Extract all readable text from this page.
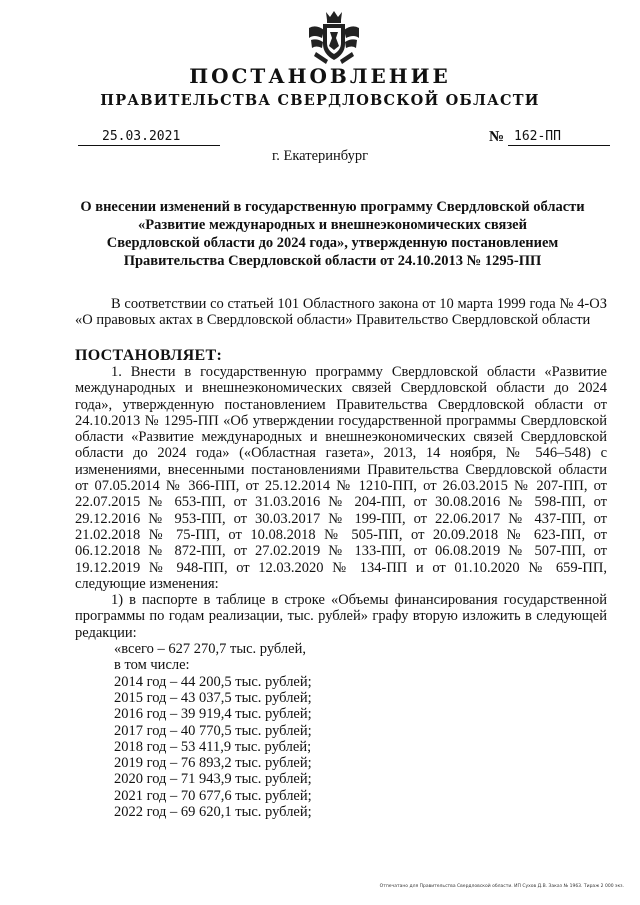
ПОСТАНОВЛЕНИЕ
ПРАВИТЕЛЬСТВА СВЕРДЛОВСКОЙ ОБЛАСТИ
25.03.2021	№ 162-ПП
г. Екатеринбург
О внесении изменений в государственную программу Свердловской области
«Развитие международных и внешнеэкономических связей
Свердловской области до 2024 года», утвержденную постановлением
Правительства Свердловской области от 24.10.2013 № 1295-ПП
В соответствии со статьей 101 Областного закона от 10 марта 1999 года № 4-ОЗ «О правовых актах в Свердловской области» Правительство Свердловской области
ПОСТАНОВЛЯЕТ:
1. Внести в государственную программу Свердловской области «Развитие международных и внешнеэкономических связей Свердловской области до 2024 года», утвержденную постановлением Правительства Свердловской области от 24.10.2013 № 1295-ПП «Об утверждении государственной программы Свердловской области «Развитие международных и внешнеэкономических связей Свердловской области до 2024 года» («Областная газета», 2013, 14 ноября, № 546–548) с изменениями, внесенными постановлениями Правительства Свердловской области от 07.05.2014 № 366-ПП, от 25.12.2014 № 1210-ПП, от 26.03.2015 № 207-ПП, от 22.07.2015 № 653-ПП, от 31.03.2016 № 204-ПП, от 30.08.2016 № 598-ПП, от 29.12.2016 № 953-ПП, от 30.03.2017 № 199-ПП, от 22.06.2017 № 437-ПП, от 21.02.2018 № 75-ПП, от 10.08.2018 № 505-ПП, от 20.09.2018 № 623-ПП, от 06.12.2018 № 872-ПП, от 27.02.2019 № 133-ПП, от 06.08.2019 № 507-ПП, от 19.12.2019 № 948-ПП, от 12.03.2020 № 134-ПП и от 01.10.2020 № 659-ПП, следующие изменения:
1) в паспорте в таблице в строке «Объемы финансирования государственной программы по годам реализации, тыс. рублей» графу вторую изложить в следующей редакции:
«всего – 627 270,7 тыс. рублей,
в том числе:
2014 год – 44 200,5 тыс. рублей;
2015 год – 43 037,5 тыс. рублей;
2016 год – 39 919,4 тыс. рублей;
2017 год – 40 770,5 тыс. рублей;
2018 год – 53 411,9 тыс. рублей;
2019 год – 76 893,2 тыс. рублей;
2020 год – 71 943,9 тыс. рублей;
2021 год – 70 677,6 тыс. рублей;
2022 год – 69 620,1 тыс. рублей;
Отпечатано для Правительства Свердловской области. ИП Сухов Д.В. Заказ № 1963. Тираж 2 000 экз.
